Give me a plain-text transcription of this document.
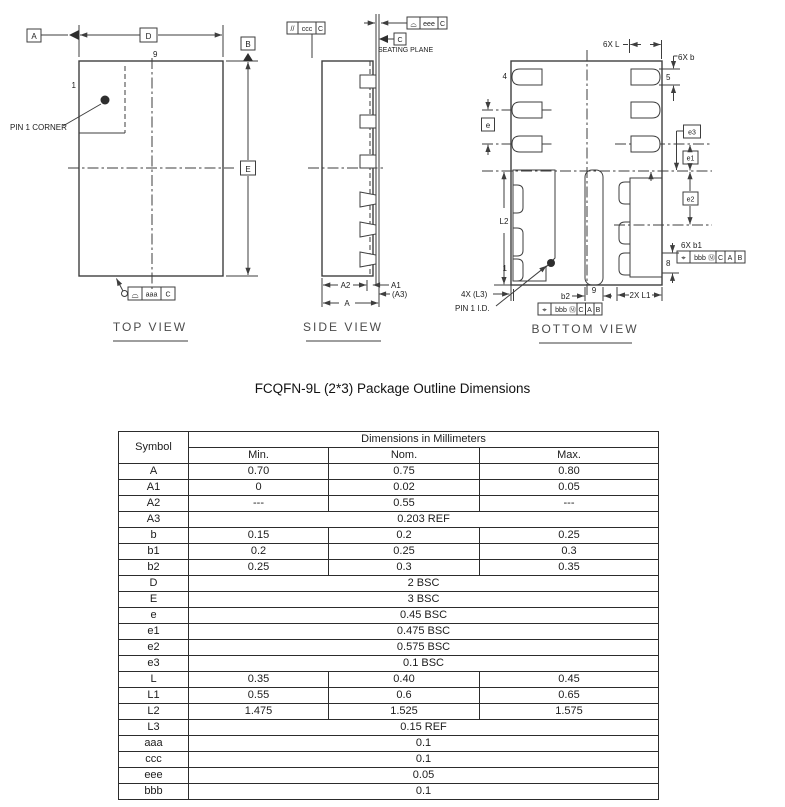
PIN 1 CORNER
1
9
D
A
E
B
⌓ aaa C
TOP VIEW
// ccc C
⌓ eee C
C
SEATING PLANE
A2	A1
(A3)
A
SIDE VIEW
4	5
1
8
9
6X L
6X b
e
e3
e1
e2
L2
6X b1
⌖ bbb Ⓜ C A B
4X (L3)
PIN 1 I.D.
b2	2X L1
⌖ bbb Ⓜ C A B
BOTTOM VIEW
FCQFN-9L (2*3) Package Outline Dimensions
Symbol	Dimensions in Millimeters		
	Min.	Nom.	Max.
A	0.70	0.75	0.80
A1	0	0.02	0.05
A2	---	0.55	---
A3	0.203 REF		
b	0.15	0.2	0.25
b1	0.2	0.25	0.3
b2	0.25	0.3	0.35
D	2 BSC		
E	3 BSC		
e	0.45 BSC		
e1	0.475 BSC		
e2	0.575 BSC		
e3	0.1 BSC		
L	0.35	0.40	0.45
L1	0.55	0.6	0.65
L2	1.475	1.525	1.575
L3	0.15 REF		
aaa	0.1		
ccc	0.1		
eee	0.05		
bbb	0.1		
